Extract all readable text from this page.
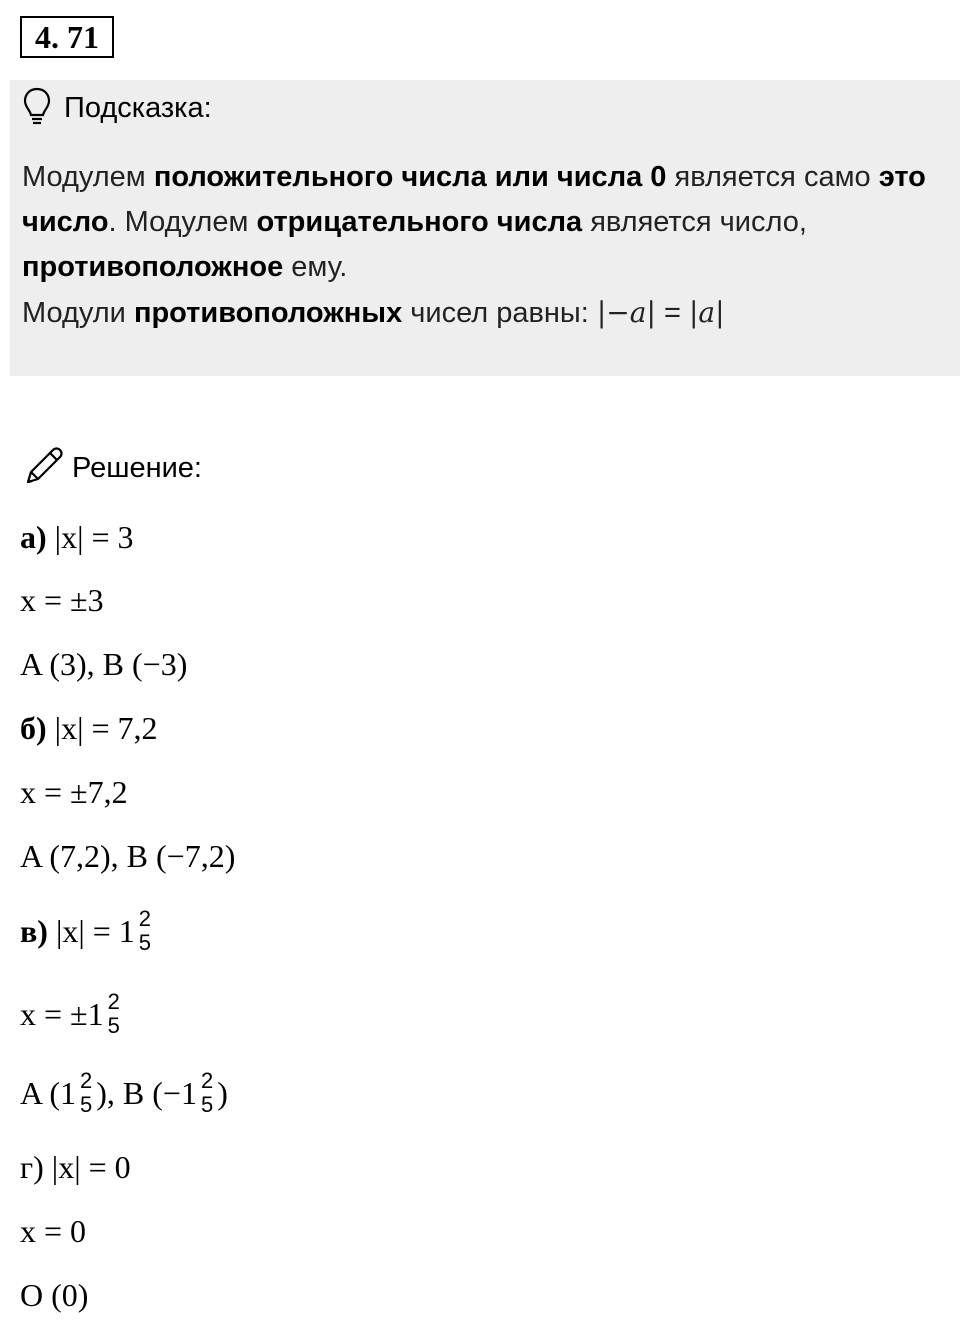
4. 71
Подсказка:
Модулем положительного числа или числа 0 является само это число. Модулем отрицательного числа является число, противоположное ему.
Модули противоположных чисел равны: |−a| = |a|
Решение:
а) |x| = 3
x = ±3
A (3), B (−3)
б) |x| = 7,2
x = ±7,2
A (7,2), B (−7,2)
в) |x| = 1 2
5
x = ±1 2
5
A (1 2
5 ), B (−1 2
5 )
г) |x| = 0
x = 0
O (0)
